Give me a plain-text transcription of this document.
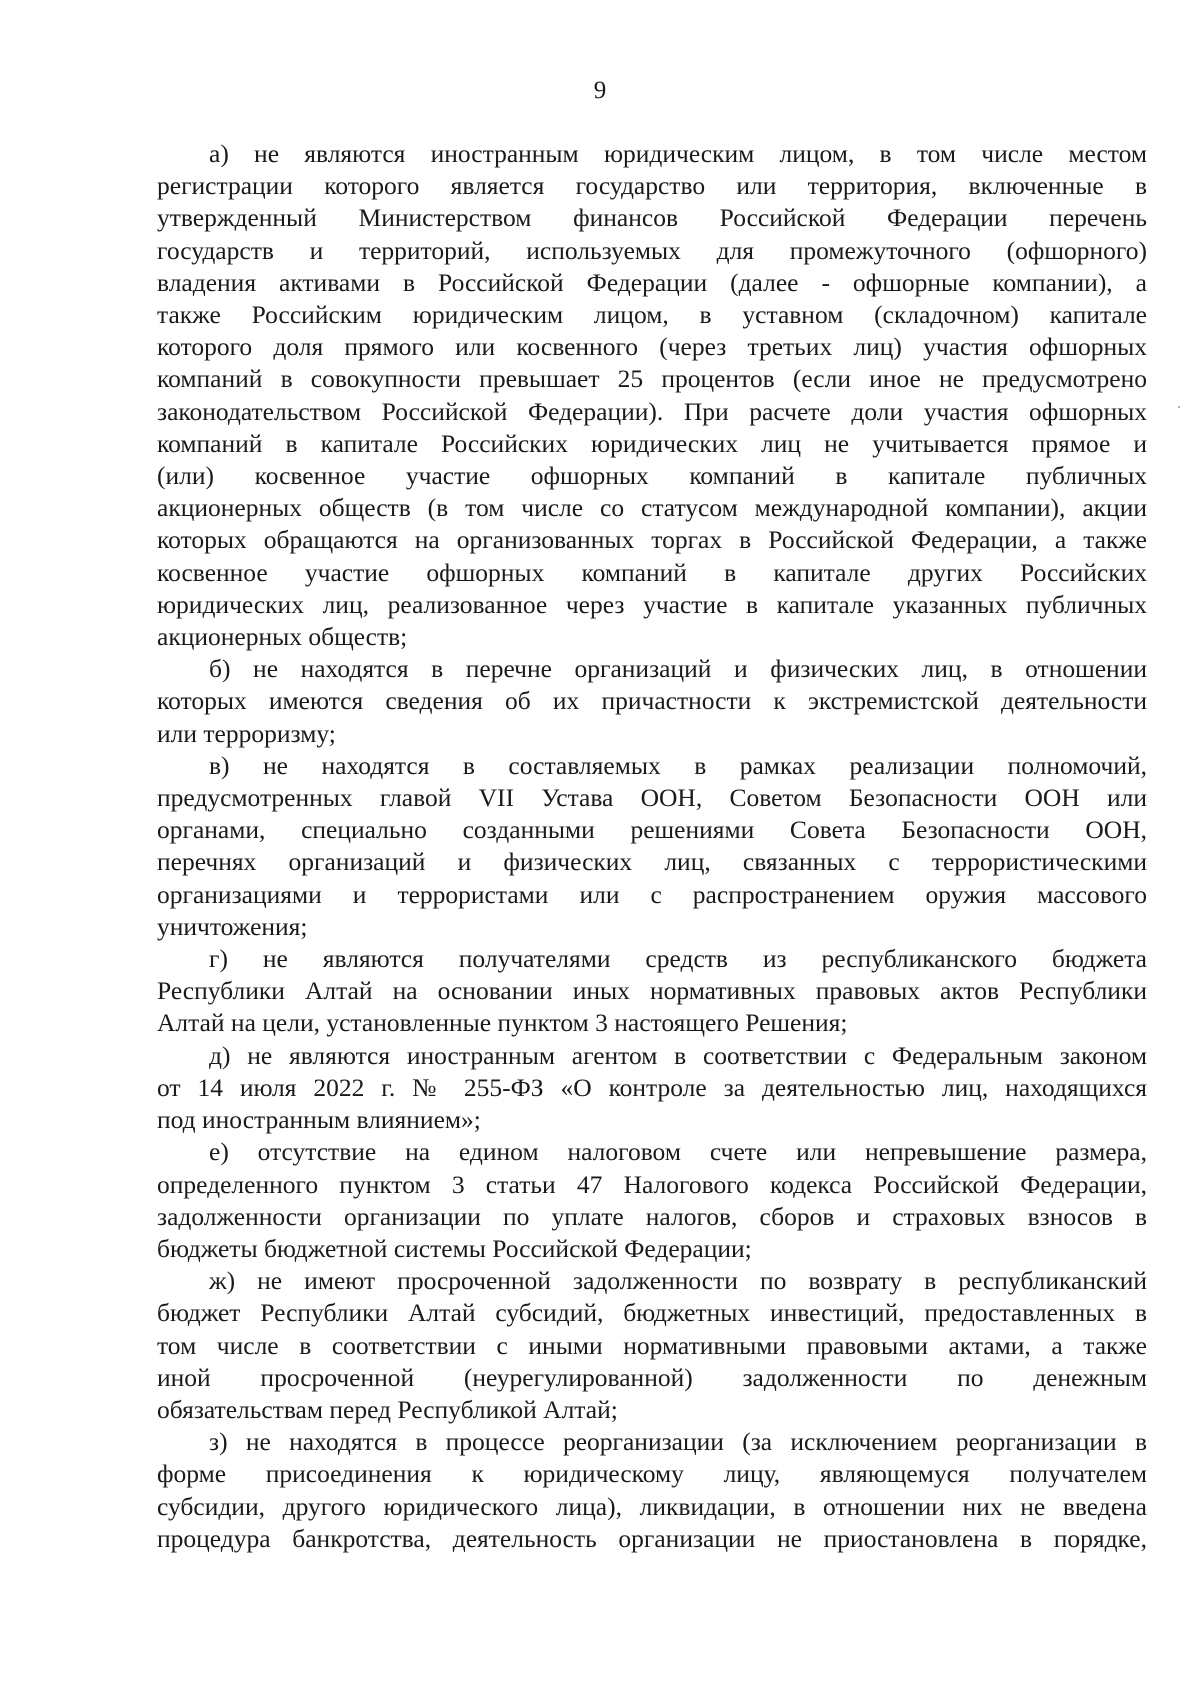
9
а) не являются иностранным юридическим лицом, в том числе местом
регистрации которого является государство или территория, включенные в
утвержденный Министерством финансов Российской Федерации перечень
государств и территорий, используемых для промежуточного (офшорного)
владения активами в Российской Федерации (далее - офшорные компании), а
также Российским юридическим лицом, в уставном (складочном) капитале
которого доля прямого или косвенного (через третьих лиц) участия офшорных
компаний в совокупности превышает 25 процентов (если иное не предусмотрено
законодательством Российской Федерации). При расчете доли участия офшорных
компаний в капитале Российских юридических лиц не учитывается прямое и
(или) косвенное участие офшорных компаний в капитале публичных
акционерных обществ (в том числе со статусом международной компании), акции
которых обращаются на организованных торгах в Российской Федерации, а также
косвенное участие офшорных компаний в капитале других Российских
юридических лиц, реализованное через участие в капитале указанных публичных
акционерных обществ;
б) не находятся в перечне организаций и физических лиц, в отношении
которых имеются сведения об их причастности к экстремистской деятельности
или терроризму;
в) не находятся в составляемых в рамках реализации полномочий,
предусмотренных главой VII Устава ООН, Советом Безопасности ООН или
органами, специально созданными решениями Совета Безопасности ООН,
перечнях организаций и физических лиц, связанных с террористическими
организациями и террористами или с распространением оружия массового
уничтожения;
г) не являются получателями средств из республиканского бюджета
Республики Алтай на основании иных нормативных правовых актов Республики
Алтай на цели, установленные пунктом 3 настоящего Решения;
д) не являются иностранным агентом в соответствии с Федеральным законом
от 14 июля 2022 г. № 255-ФЗ «О контроле за деятельностью лиц, находящихся
под иностранным влиянием»;
е) отсутствие на едином налоговом счете или непревышение размера,
определенного пунктом 3 статьи 47 Налогового кодекса Российской Федерации,
задолженности организации по уплате налогов, сборов и страховых взносов в
бюджеты бюджетной системы Российской Федерации;
ж) не имеют просроченной задолженности по возврату в республиканский
бюджет Республики Алтай субсидий, бюджетных инвестиций, предоставленных в
том числе в соответствии с иными нормативными правовыми актами, а также
иной просроченной (неурегулированной) задолженности по денежным
обязательствам перед Республикой Алтай;
з) не находятся в процессе реорганизации (за исключением реорганизации в
форме присоединения к юридическому лицу, являющемуся получателем
субсидии, другого юридического лица), ликвидации, в отношении них не введена
процедура банкротства, деятельность организации не приостановлена в порядке,
